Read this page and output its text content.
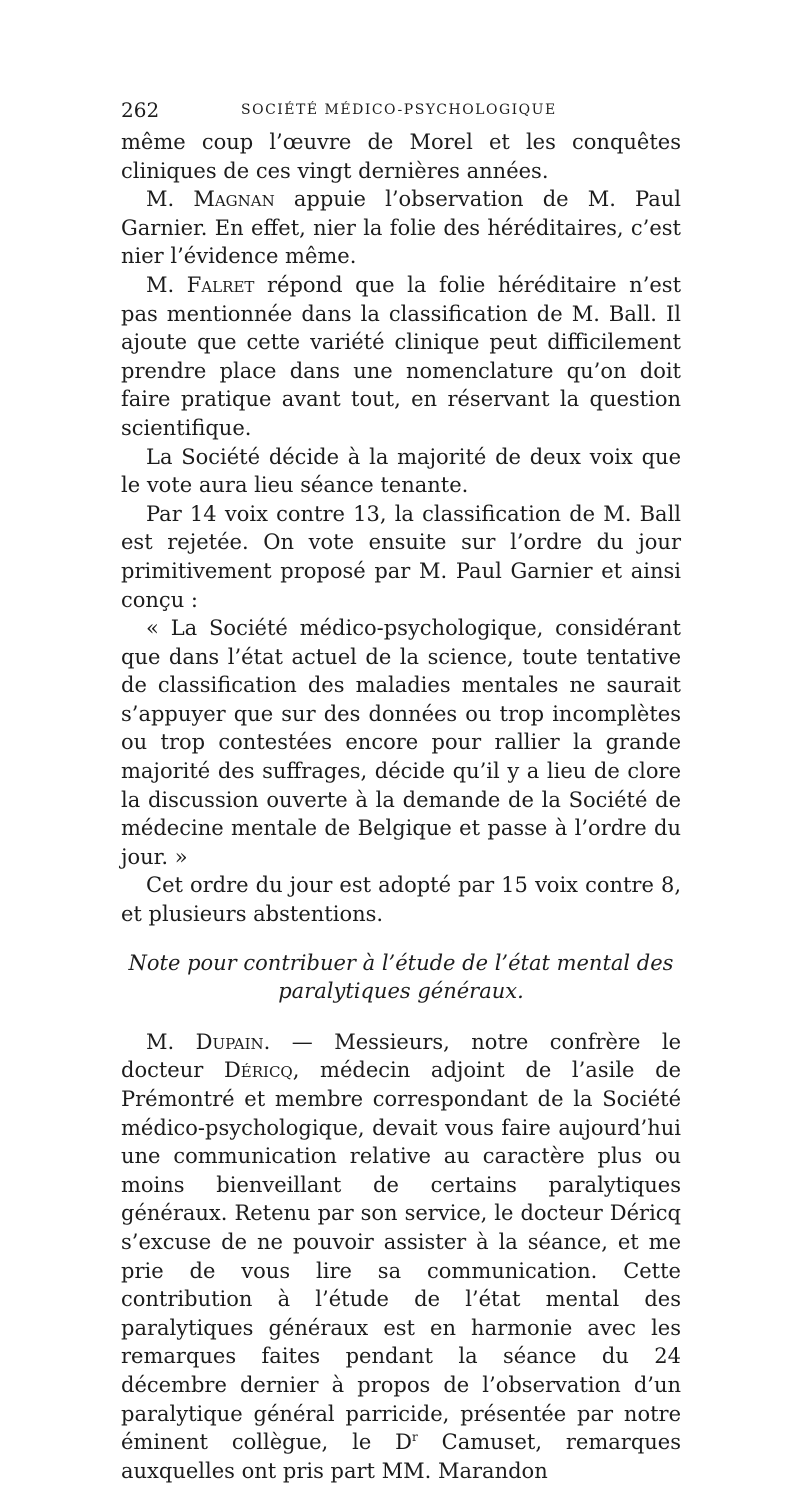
262	SOCIÉTÉ MÉDICO-PSYCHOLOGIQUE

même coup l’œuvre de Morel et les conquêtes cliniques de ces vingt dernières années.

M. Magnan appuie l’observation de M. Paul Garnier. En effet, nier la folie des héréditaires, c’est nier l’évidence même.

M. Falret répond que la folie héréditaire n’est pas mentionnée dans la classification de M. Ball. Il ajoute que cette variété clinique peut difficilement prendre place dans une nomenclature qu’on doit faire pratique avant tout, en réservant la question scientifique.

La Société décide à la majorité de deux voix que le vote aura lieu séance tenante.

Par 14 voix contre 13, la classification de M. Ball est rejetée. On vote ensuite sur l’ordre du jour primitivement proposé par M. Paul Garnier et ainsi conçu :

« La Société médico-psychologique, considérant que dans l’état actuel de la science, toute tentative de classification des maladies mentales ne saurait s’appuyer que sur des données ou trop incomplètes ou trop contestées encore pour rallier la grande majorité des suffrages, décide qu’il y a lieu de clore la discussion ouverte à la demande de la Société de médecine mentale de Belgique et passe à l’ordre du jour. »

Cet ordre du jour est adopté par 15 voix contre 8, et plusieurs abstentions.

Note pour contribuer à l’étude de l’état mental des paralytiques généraux.

M. Dupain. — Messieurs, notre confrère le docteur Déricq, médecin adjoint de l’asile de Prémontré et membre correspondant de la Société médico-psychologique, devait vous faire aujourd’hui une communication relative au caractère plus ou moins bienveillant de certains paralytiques généraux. Retenu par son service, le docteur Déricq s’excuse de ne pouvoir assister à la séance, et me prie de vous lire sa communication. Cette contribution à l’étude de l’état mental des paralytiques généraux est en harmonie avec les remarques faites pendant la séance du 24 décembre dernier à propos de l’observation d’un paralytique général parricide, présentée par notre éminent collègue, le $D^r$ Camuset, remarques auxquelles ont pris part MM. Marandon
